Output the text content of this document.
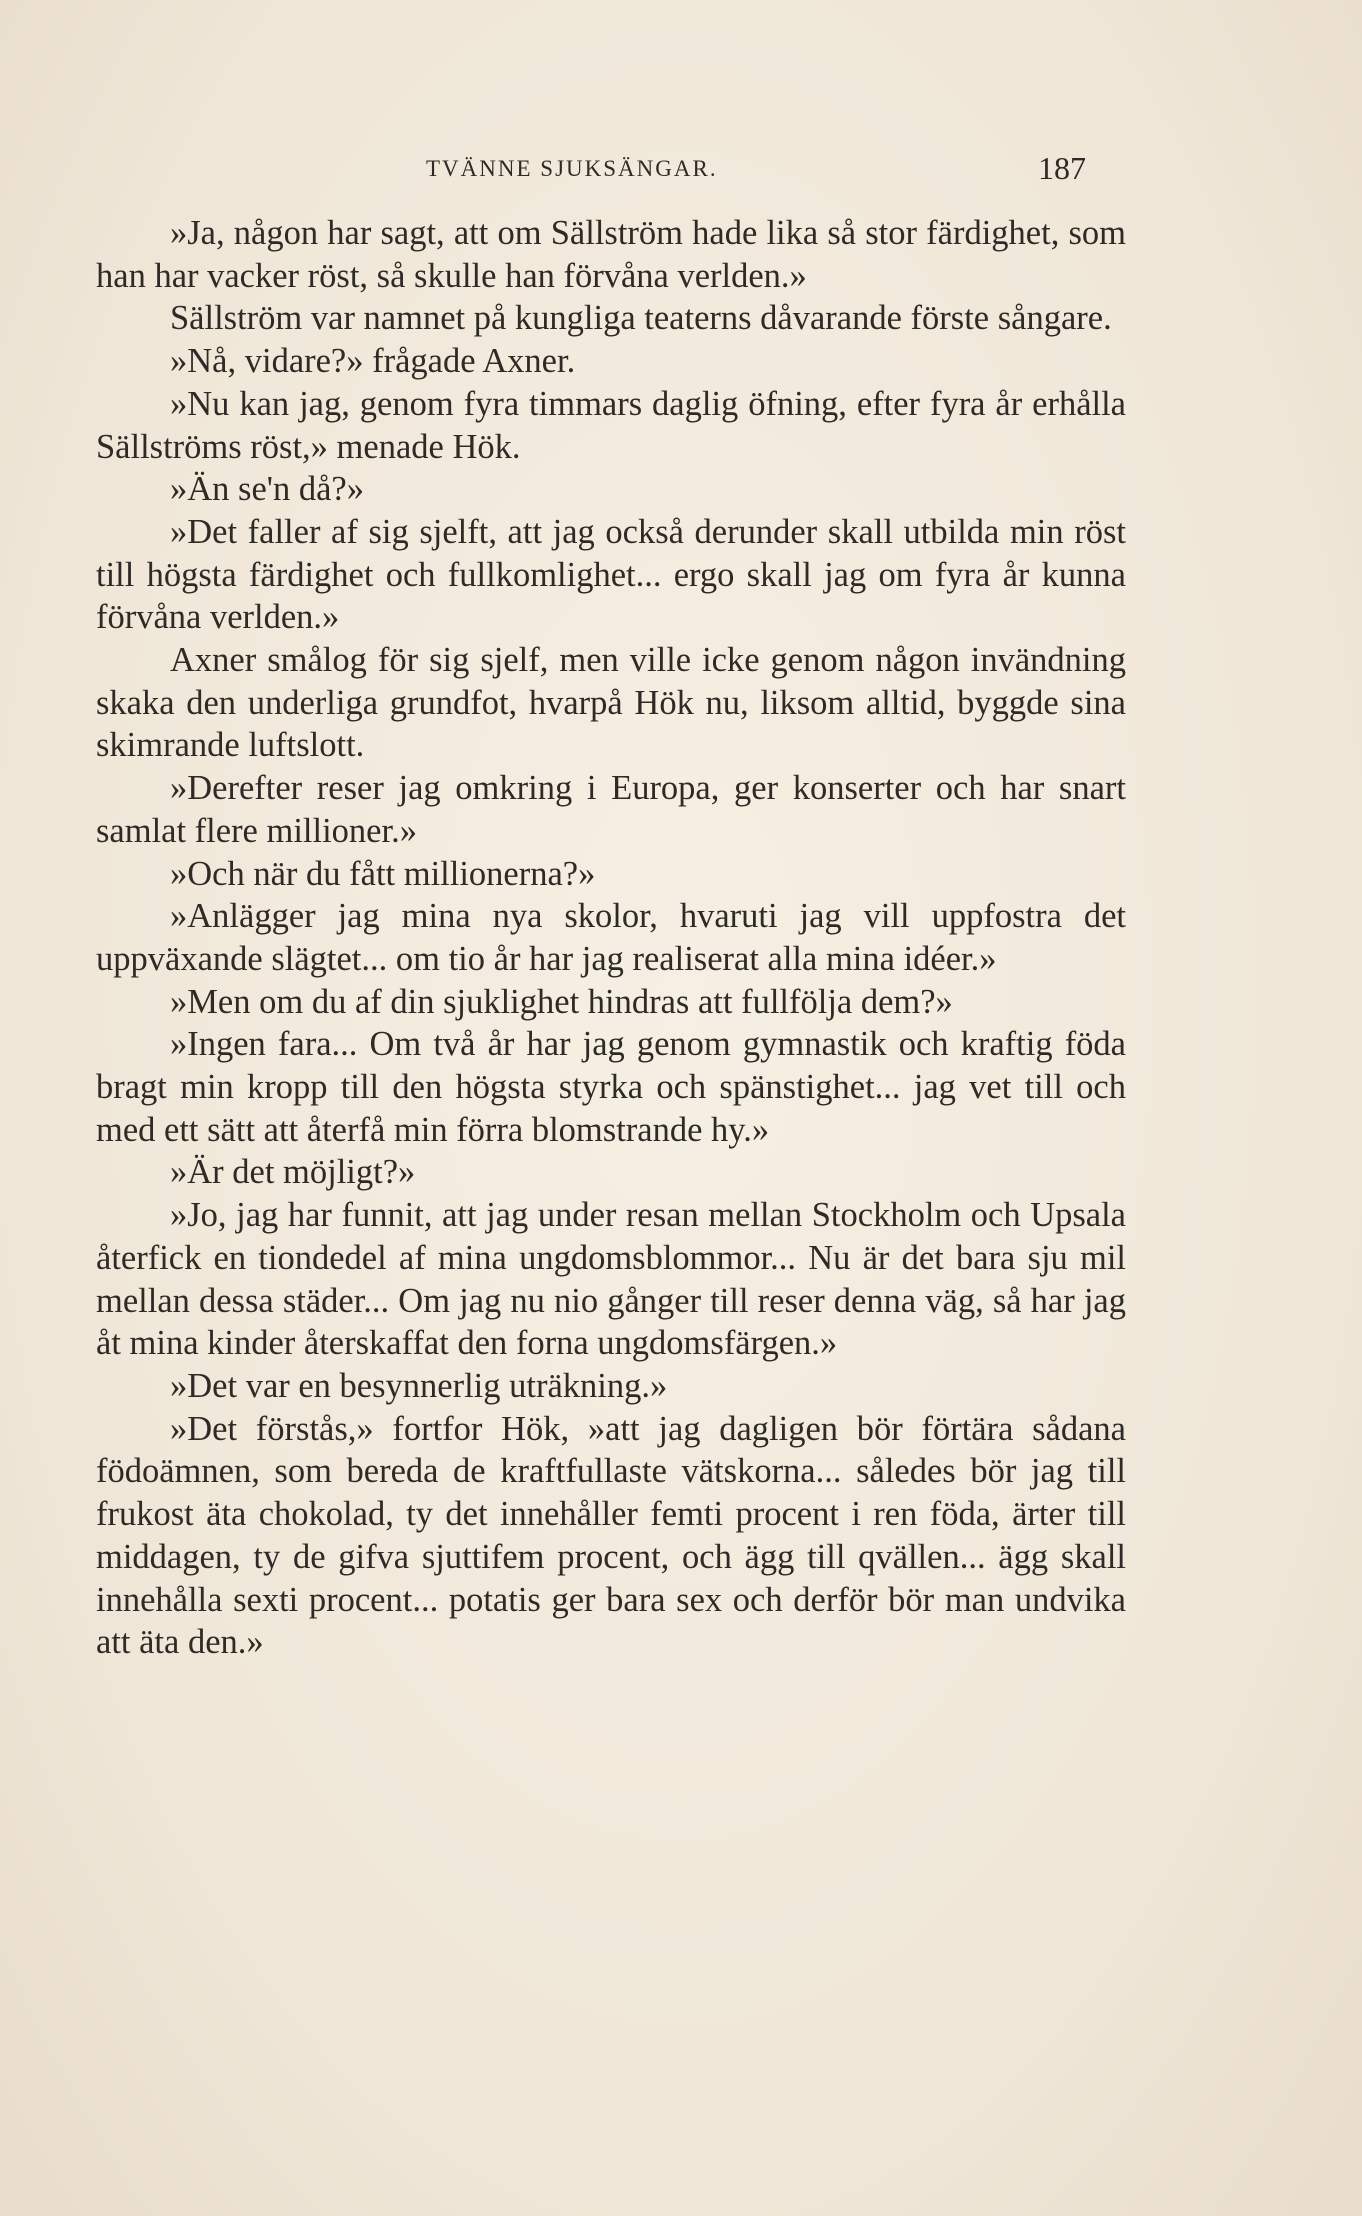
TVÄNNE SJUKSÄNGAR.	187

»Ja, någon har sagt, att om Sällström hade lika så stor färdighet, som han har vacker röst, så skulle han förvåna verlden.»

Sällström var namnet på kungliga teaterns dåvarande förste sångare.

»Nå, vidare?» frågade Axner.

»Nu kan jag, genom fyra timmars daglig öfning, efter fyra år erhålla Sällströms röst,» menade Hök.

»Än se'n då?»

»Det faller af sig sjelft, att jag också derunder skall utbilda min röst till högsta färdighet och fullkomlighet... ergo skall jag om fyra år kunna förvåna verlden.»

Axner smålog för sig sjelf, men ville icke genom någon invändning skaka den underliga grundfot, hvarpå Hök nu, liksom alltid, byggde sina skimrande luftslott.

»Derefter reser jag omkring i Europa, ger konserter och har snart samlat flere millioner.»

»Och när du fått millionerna?»

»Anlägger jag mina nya skolor, hvaruti jag vill uppfostra det uppväxande slägtet... om tio år har jag realiserat alla mina idéer.»

»Men om du af din sjuklighet hindras att fullfölja dem?»

»Ingen fara... Om två år har jag genom gymnastik och kraftig föda bragt min kropp till den högsta styrka och spänstighet... jag vet till och med ett sätt att återfå min förra blomstrande hy.»

»Är det möjligt?»

»Jo, jag har funnit, att jag under resan mellan Stockholm och Upsala återfick en tiondedel af mina ungdomsblommor... Nu är det bara sju mil mellan dessa städer... Om jag nu nio gånger till reser denna väg, så har jag åt mina kinder återskaffat den forna ungdomsfärgen.»

»Det var en besynnerlig uträkning.»

»Det förstås,» fortfor Hök, »att jag dagligen bör förtära sådana födoämnen, som bereda de kraftfullaste vätskorna... således bör jag till frukost äta chokolad, ty det innehåller femti procent i ren föda, ärter till middagen, ty de gifva sjuttifem procent, och ägg till qvällen... ägg skall innehålla sexti procent... potatis ger bara sex och derför bör man undvika att äta den.»
